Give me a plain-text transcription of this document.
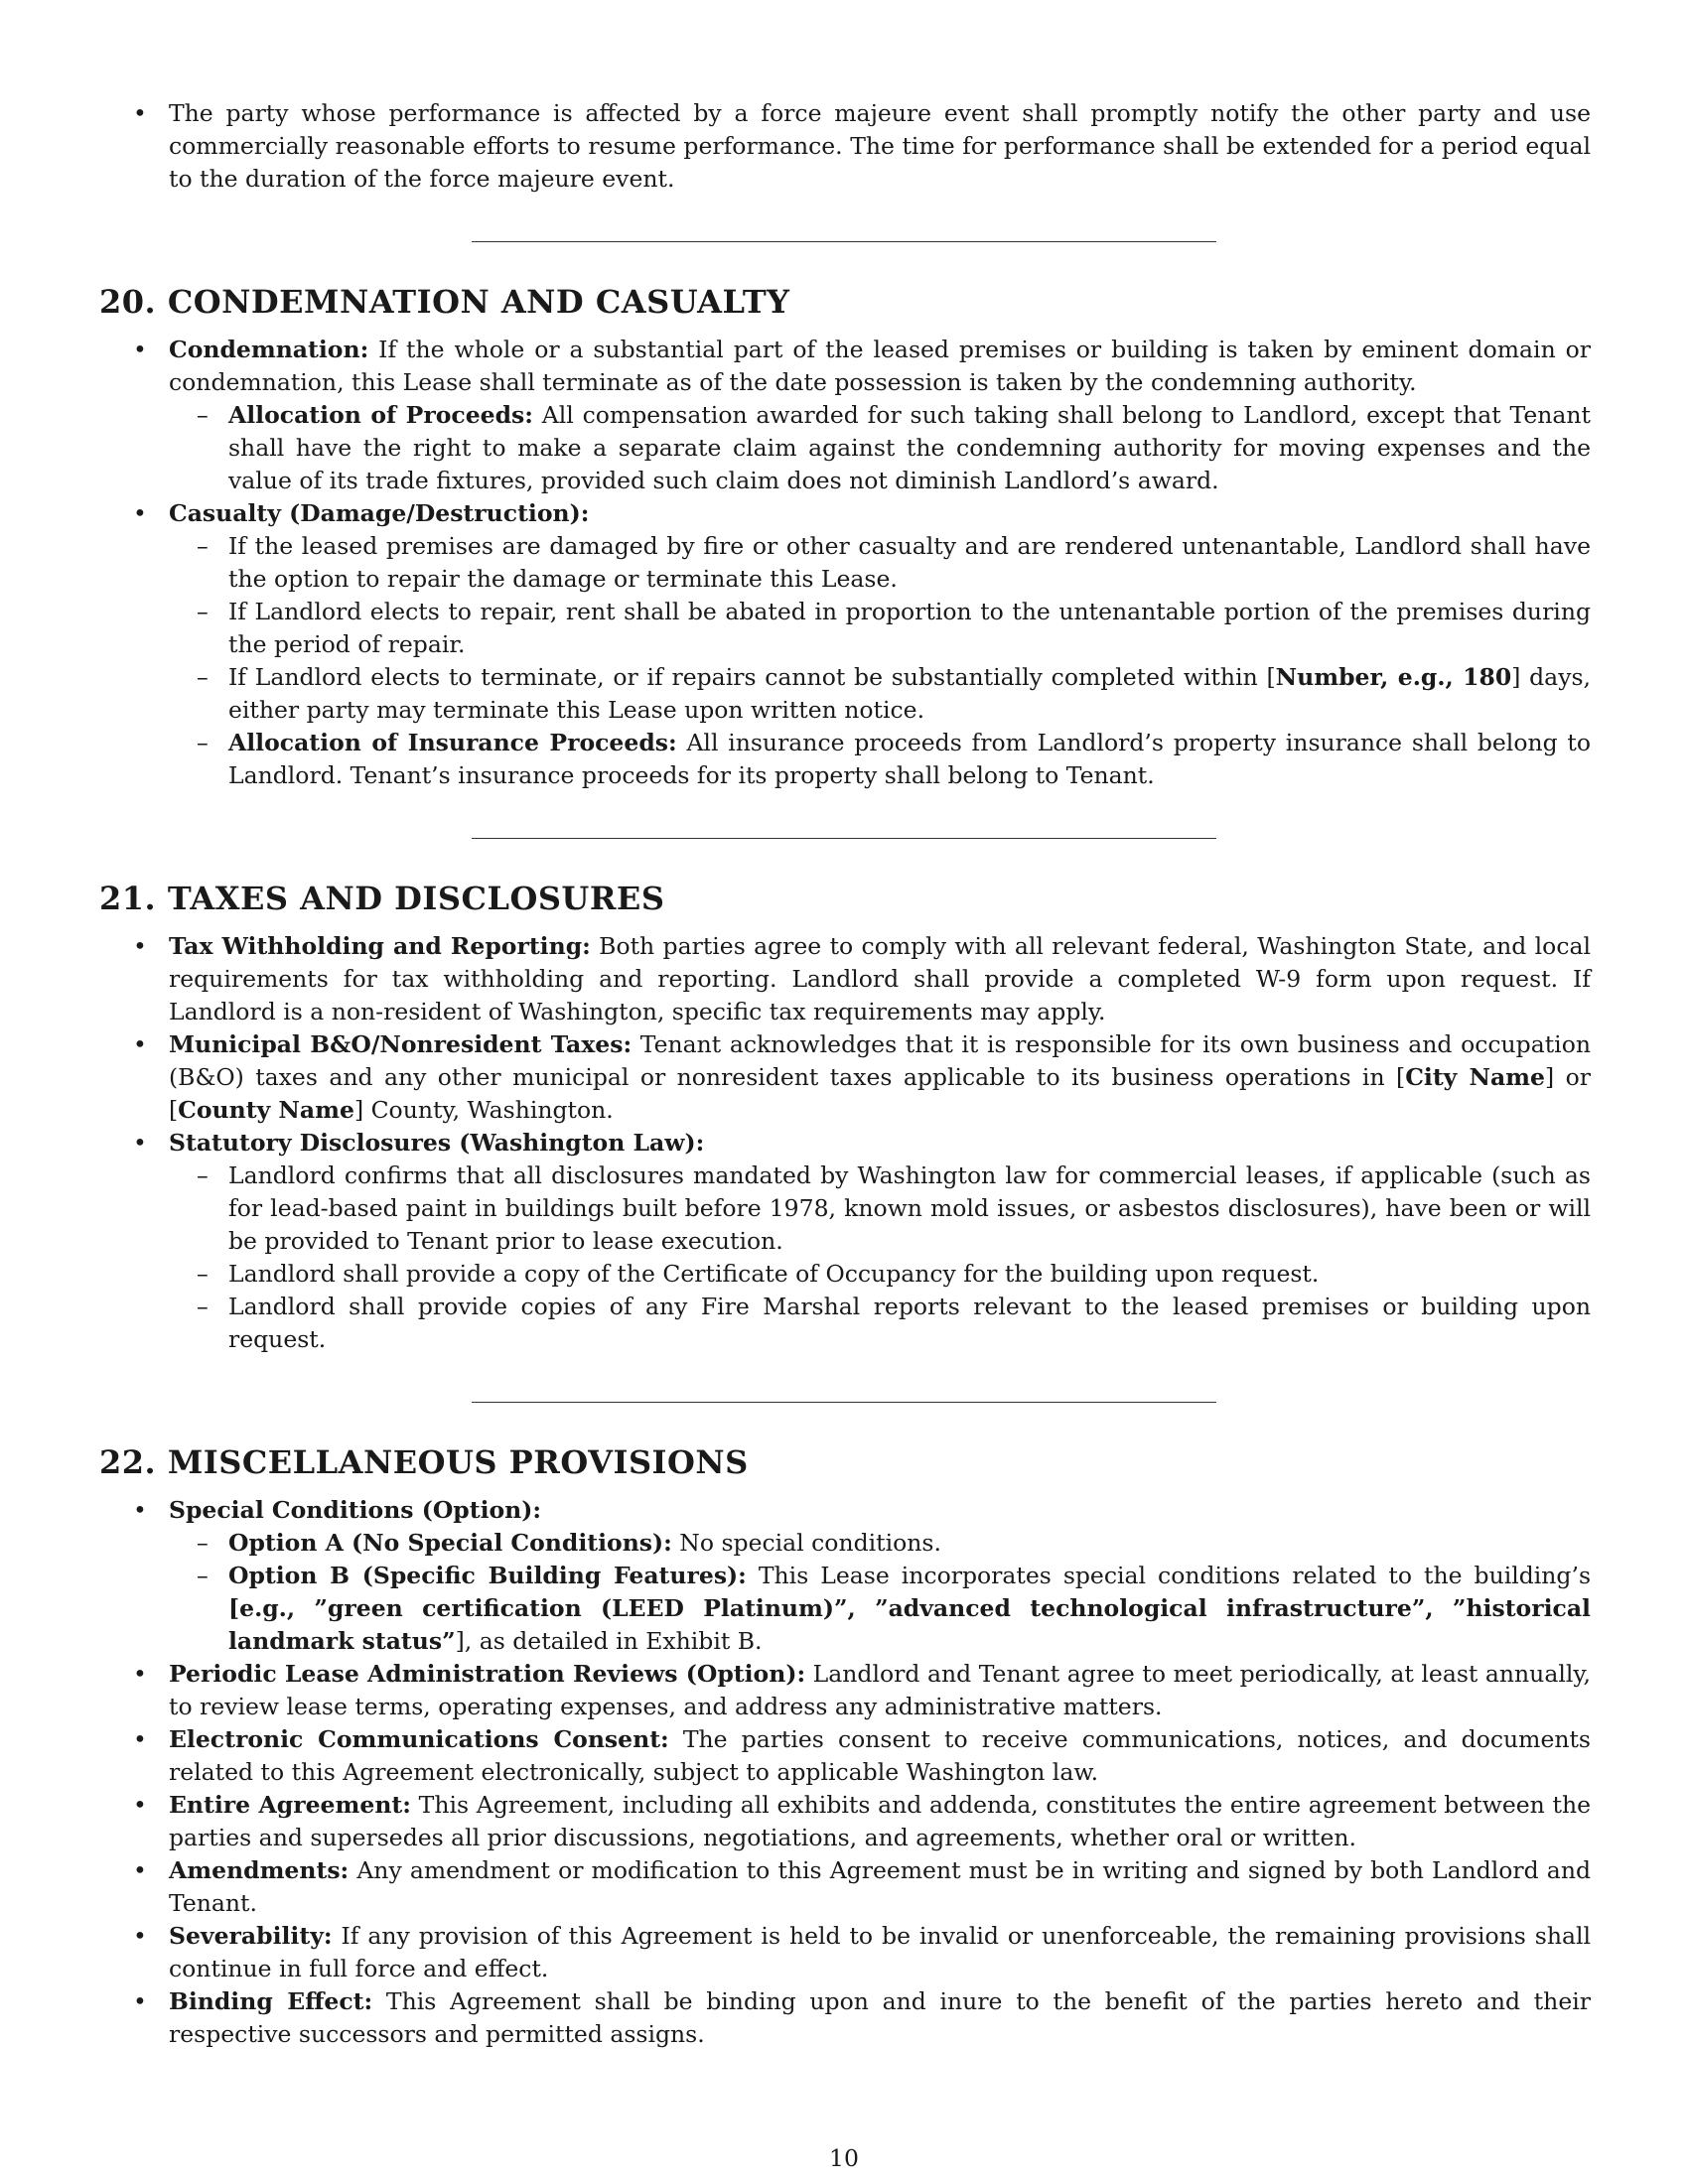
• The party whose performance is affected by a force majeure event shall promptly notify the other party and use commercially reasonable efforts to resume performance. The time for performance shall be extended for a period equal to the duration of the force majeure event.
20. CONDEMNATION AND CASUALTY
• Condemnation: If the whole or a substantial part of the leased premises or building is taken by eminent domain or condemnation, this Lease shall terminate as of the date possession is taken by the condemning authority.
– Allocation of Proceeds: All compensation awarded for such taking shall belong to Landlord, except that Tenant shall have the right to make a separate claim against the condemning authority for moving expenses and the value of its trade fixtures, provided such claim does not diminish Landlord’s award.
• Casualty (Damage/Destruction):
– If the leased premises are damaged by fire or other casualty and are rendered untenantable, Landlord shall have the option to repair the damage or terminate this Lease.
– If Landlord elects to repair, rent shall be abated in proportion to the untenantable portion of the premises during the period of repair.
– If Landlord elects to terminate, or if repairs cannot be substantially completed within [Number, e.g., 180] days, either party may terminate this Lease upon written notice.
– Allocation of Insurance Proceeds: All insurance proceeds from Landlord’s property insurance shall belong to Landlord. Tenant’s insurance proceeds for its property shall belong to Tenant.
21. TAXES AND DISCLOSURES
• Tax Withholding and Reporting: Both parties agree to comply with all relevant federal, Washington State, and local requirements for tax withholding and reporting. Landlord shall provide a completed W-9 form upon request. If Landlord is a non-resident of Washington, specific tax requirements may apply.
• Municipal B&O/Nonresident Taxes: Tenant acknowledges that it is responsible for its own business and occupation (B&O) taxes and any other municipal or nonresident taxes applicable to its business operations in [City Name] or [County Name] County, Washington.
• Statutory Disclosures (Washington Law):
– Landlord confirms that all disclosures mandated by Washington law for commercial leases, if applicable (such as for lead-based paint in buildings built before 1978, known mold issues, or asbestos disclosures), have been or will be provided to Tenant prior to lease execution.
– Landlord shall provide a copy of the Certificate of Occupancy for the building upon request.
– Landlord shall provide copies of any Fire Marshal reports relevant to the leased premises or building upon request.
22. MISCELLANEOUS PROVISIONS
• Special Conditions (Option):
– Option A (No Special Conditions): No special conditions.
– Option B (Specific Building Features): This Lease incorporates special conditions related to the building’s [e.g., ”green certification (LEED Platinum)”, ”advanced technological infrastructure”, ”historical landmark status”], as detailed in Exhibit B.
• Periodic Lease Administration Reviews (Option): Landlord and Tenant agree to meet periodically, at least annually, to review lease terms, operating expenses, and address any administrative matters.
• Electronic Communications Consent: The parties consent to receive communications, notices, and documents related to this Agreement electronically, subject to applicable Washington law.
• Entire Agreement: This Agreement, including all exhibits and addenda, constitutes the entire agreement between the parties and supersedes all prior discussions, negotiations, and agreements, whether oral or written.
• Amendments: Any amendment or modification to this Agreement must be in writing and signed by both Landlord and Tenant.
• Severability: If any provision of this Agreement is held to be invalid or unenforceable, the remaining provisions shall continue in full force and effect.
• Binding Effect: This Agreement shall be binding upon and inure to the benefit of the parties hereto and their respective successors and permitted assigns.
10
